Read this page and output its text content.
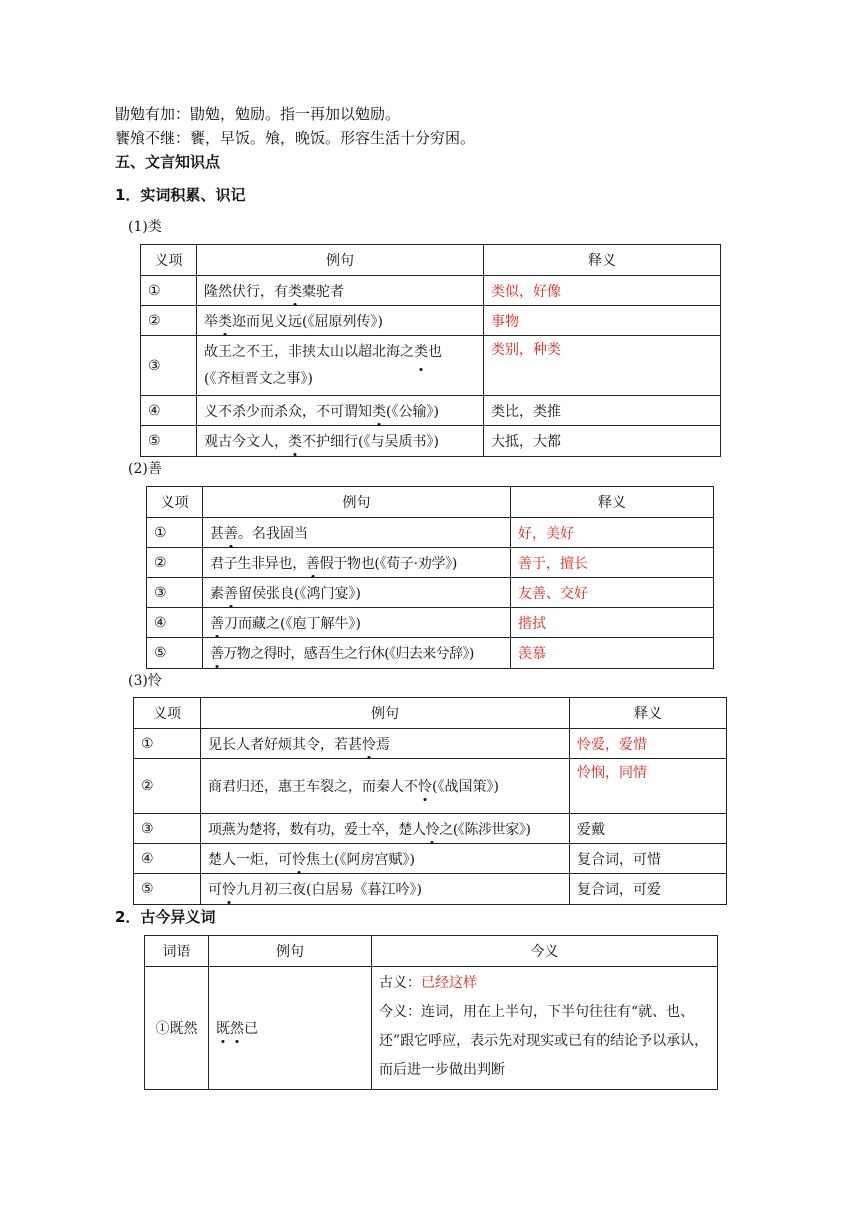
勖勉有加：勖勉，勉励。指一再加以勉励。
饔飧不继：饔，早饭。飧，晚饭。形容生活十分穷困。
五、文言知识点
1．实词积累、识记
(1)类
义项	例句	释义
①	隆然伏行，有类橐驼者	类似，好像
②	举类迩而见义远(《屈原列传》)	事物
③	故王之不王，非挟太山以超北海之类也
(《齐桓晋文之事》)	类别，种类
④	义不杀少而杀众，不可谓知类(《公输》)	类比，类推
⑤	观古今文人，类不护细行(《与吴质书》)	大抵，大都
(2)善
义项	例句	释义
①	甚善。名我固当	好，美好
②	君子生非异也，善假于物也(《荀子·劝学》)	善于，擅长
③	素善留侯张良(《鸿门宴》)	友善、交好
④	善刀而藏之(《庖丁解牛》)	揩拭
⑤	善万物之得时，感吾生之行休(《归去来兮辞》)	羡慕
(3)怜
义项	例句	释义
①	见长人者好烦其令，若甚怜焉	怜爱，爱惜
②	商君归还，惠王车裂之，而秦人不怜(《战国策》)	怜悯，同情
③	项燕为楚将，数有功，爱士卒，楚人怜之(《陈涉世家》)	爱戴
④	楚人一炬，可怜焦土(《阿房宫赋》)	复合词，可惜
⑤	可怜九月初三夜(白居易《暮江吟》)	复合词，可爱
2．古今异义词
词语	例句	今义
①既然	既然已	古义：已经这样
今义：连词，用在上半句，下半句往往有“就、也、还”跟它呼应，表示先对现实或已有的结论予以承认，而后进一步做出判断
